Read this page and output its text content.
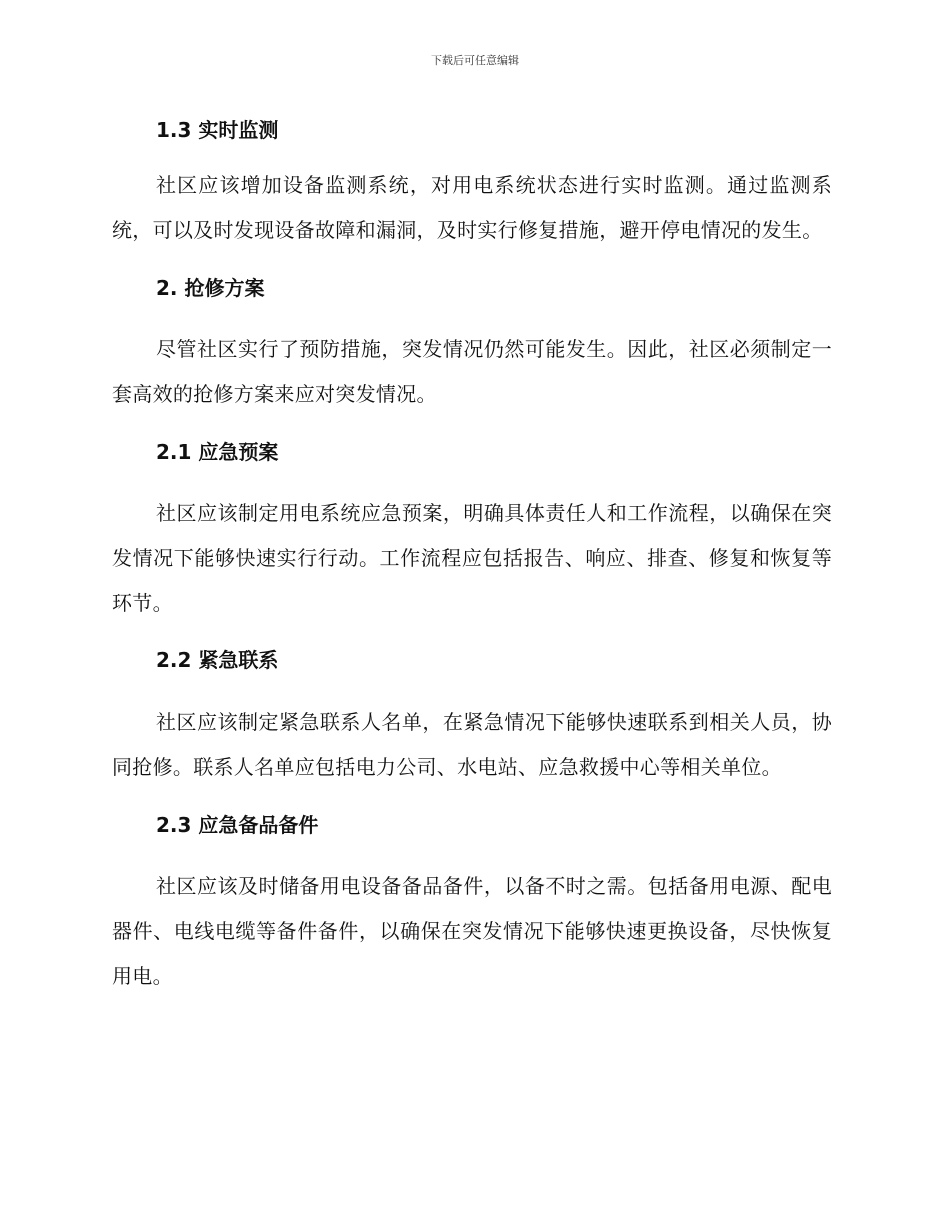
下载后可任意编辑
1.3 实时监测

社区应该增加设备监测系统，对用电系统状态进行实时监测。通过监测系统，可以及时发现设备故障和漏洞，及时实行修复措施，避开停电情况的发生。

2. 抢修方案

尽管社区实行了预防措施，突发情况仍然可能发生。因此，社区必须制定一套高效的抢修方案来应对突发情况。

2.1 应急预案

社区应该制定用电系统应急预案，明确具体责任人和工作流程，以确保在突发情况下能够快速实行行动。工作流程应包括报告、响应、排查、修复和恢复等环节。

2.2 紧急联系

社区应该制定紧急联系人名单，在紧急情况下能够快速联系到相关人员，协同抢修。联系人名单应包括电力公司、水电站、应急救援中心等相关单位。

2.3 应急备品备件

社区应该及时储备用电设备备品备件，以备不时之需。包括备用电源、配电器件、电线电缆等备件备件，以确保在突发情况下能够快速更换设备，尽快恢复用电。
